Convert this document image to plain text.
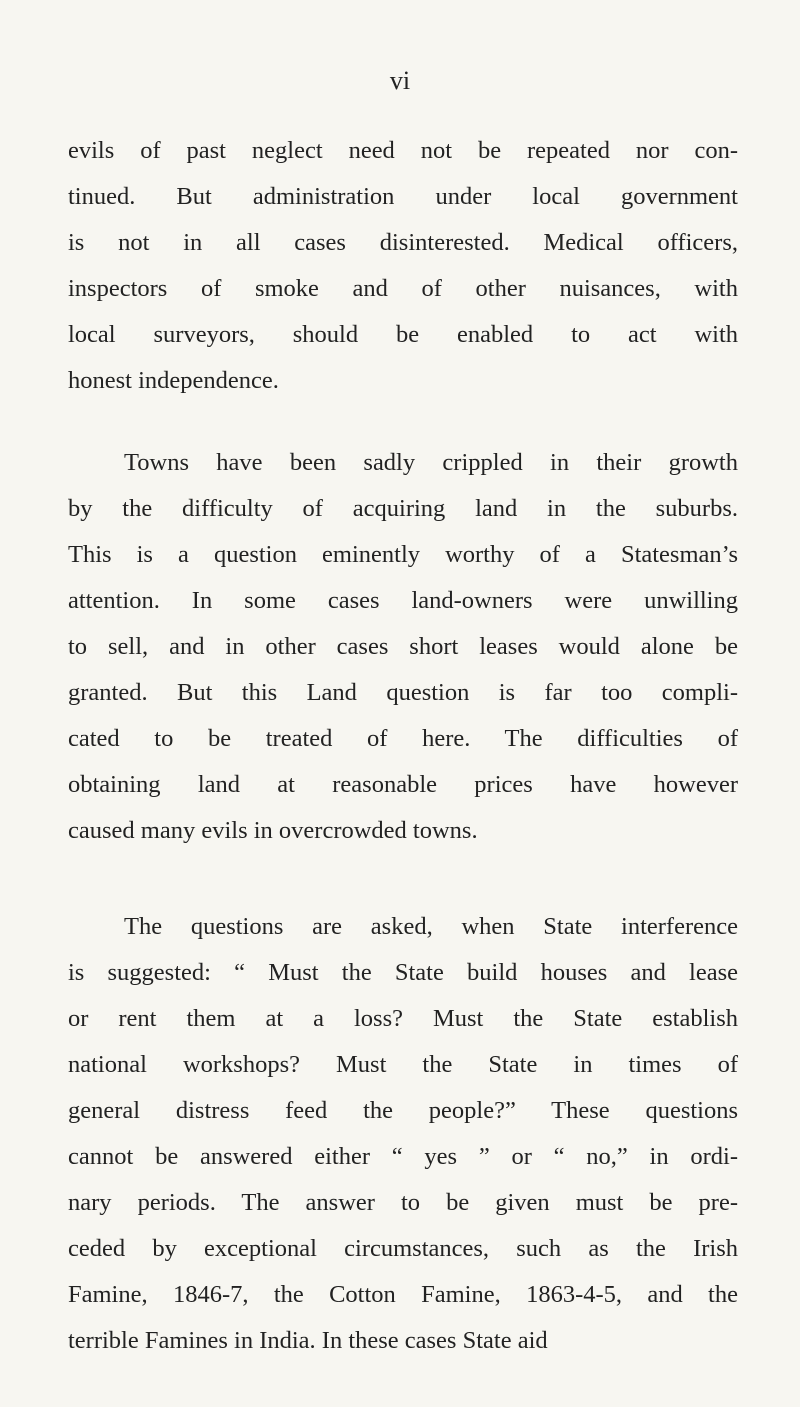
vi

evils of past neglect need not be repeated nor con-
tinued. But administration under local government
is not in all cases disinterested. Medical officers,
inspectors of smoke and of other nuisances, with
local surveyors, should be enabled to act with
honest independence.

Towns have been sadly crippled in their growth
by the difficulty of acquiring land in the suburbs.
This is a question eminently worthy of a Statesman’s
attention. In some cases land-owners were unwilling
to sell, and in other cases short leases would alone be
granted. But this Land question is far too compli-
cated to be treated of here. The difficulties of
obtaining land at reasonable prices have however
caused many evils in overcrowded towns.

The questions are asked, when State interference
is suggested: “ Must the State build houses and lease
or rent them at a loss? Must the State establish
national workshops? Must the State in times of
general distress feed the people?” These questions
cannot be answered either “ yes ” or “ no,” in ordi-
nary periods. The answer to be given must be pre-
ceded by exceptional circumstances, such as the Irish
Famine, 1846-7, the Cotton Famine, 1863-4-5, and the
terrible Famines in India. In these cases State aid
